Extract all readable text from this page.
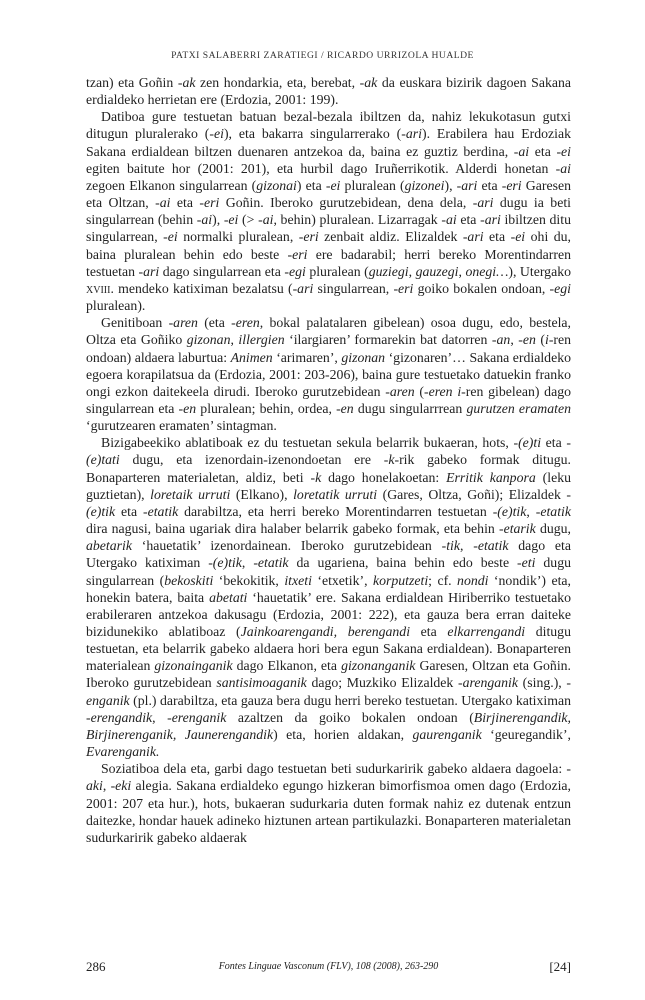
PATXI SALABERRI ZARATIEGI / RICARDO URRIZOLA HUALDE

tzan) eta Goñin -ak zen hondarkia, eta, berebat, -ak da euskara bizirik dagoen Sakana erdialdeko herrietan ere (Erdozia, 2001: 199).

Datiboa gure testuetan batuan bezal-bezala ibiltzen da, nahiz lekukotasun gutxi ditugun pluralerako (-ei), eta bakarra singularrerako (-ari). Erabilera hau Erdoziak Sakana erdialdean biltzen duenaren antzekoa da, baina ez guztiz berdina, -ai eta -ei egiten baitute hor (2001: 201), eta hurbil dago Iruñerrikotik. Alderdi honetan -ai zegoen Elkanon singularrean (gizonai) eta -ei pluralean (gizonei), -ari eta -eri Garesen eta Oltzan, -ai eta -eri Goñin. Iberoko gurutzebidean, dena dela, -ari dugu ia beti singularrean (behin -ai), -ei (> -ai, behin) pluralean. Lizarragak -ai eta -ari ibiltzen ditu singularrean, -ei normalki pluralean, -eri zenbait aldiz. Elizaldek -ari eta -ei ohi du, baina pluralean behin edo beste -eri ere badarabil; herri bereko Morentindarren testuetan -ari dago singularrean eta -egi pluralean (guziegi, gauzegi, onegi…), Utergako xviii. mendeko katiximan bezalatsu (-ari singularrean, -eri goiko bokalen ondoan, -egi pluralean).

Genitiboan -aren (eta -eren, bokal palatalaren gibelean) osoa dugu, edo, bestela, Oltza eta Goñiko gizonan, illergien ‘ilargiaren’ formarekin bat datorren -an, -en (i-ren ondoan) aldaera laburtua: Animen ‘arimaren’, gizonan ‘gizonaren’… Sakana erdialdeko egoera korapilatsua da (Erdozia, 2001: 203-206), baina gure testuetako datuekin franko ongi ezkon daitekeela dirudi. Iberoko gurutzebidean -aren (-eren i-ren gibelean) dago singularrean eta -en pluralean; behin, ordea, -en dugu singularrrean gurutzen eramaten ‘gurutzearen eramaten’ sintagman.

Bizigabeekiko ablatiboak ez du testuetan sekula belarrik bukaeran, hots, -(e)ti eta -(e)tati dugu, eta izenordain-izenondoetan ere -k-rik gabeko formak ditugu. Bonaparteren materialetan, aldiz, beti -k dago honelakoetan: Erritik kanpora (leku guztietan), loretaik urruti (Elkano), loretatik urruti (Gares, Oltza, Goñi); Elizaldek -(e)tik eta -etatik darabiltza, eta herri bereko Morentindarren testuetan -(e)tik, -etatik dira nagusi, baina ugariak dira halaber belarrik gabeko formak, eta behin -etarik dugu, abetarik ‘hauetatik’ izenordainean. Iberoko gurutzebidean -tik, -etatik dago eta Utergako katiximan -(e)tik, -etatik da ugariena, baina behin edo beste -eti dugu singularrean (bekoskiti ‘bekokitik, itxeti ‘etxetik’, korputzeti; cf. nondi ‘nondik’) eta, honekin batera, baita abetati ‘hauetatik’ ere. Sakana erdialdean Hiriberriko testuetako erabileraren antzekoa dakusagu (Erdozia, 2001: 222), eta gauza bera erran daiteke bizidunekiko ablatiboaz (Jainkoarengandi, berengandi eta elkarrengandi ditugu testuetan, eta belarrik gabeko aldaera hori bera egun Sakana erdialdean). Bonaparteren materialean gizonainganik dago Elkanon, eta gizonanganik Garesen, Oltzan eta Goñin. Iberoko gurutzebidean santisimoaganik dago; Muzkiko Elizaldek -arenganik (sing.), -enganik (pl.) darabiltza, eta gauza bera dugu herri bereko testuetan. Utergako katiximan -erengandik, -erenganik azaltzen da goiko bokalen ondoan (Birjinerengandik, Birjinerenganik, Jaunerengandik) eta, horien aldakan, gaurenganik ‘geuregandik’, Evarenganik.

Soziatiboa dela eta, garbi dago testuetan beti sudurkaririk gabeko aldaera dagoela: -aki, -eki alegia. Sakana erdialdeko egungo hizkeran bimorfismoa omen dago (Erdozia, 2001: 207 eta hur.), hots, bukaeran sudurkaria duten formak nahiz ez dutenak entzun daitezke, hondar hauek adineko hiztunen artean partikulazki. Bonaparteren materialetan sudurkaririk gabeko aldaerak

286	Fontes Linguae Vasconum (FLV), 108 (2008), 263-290	[24]
